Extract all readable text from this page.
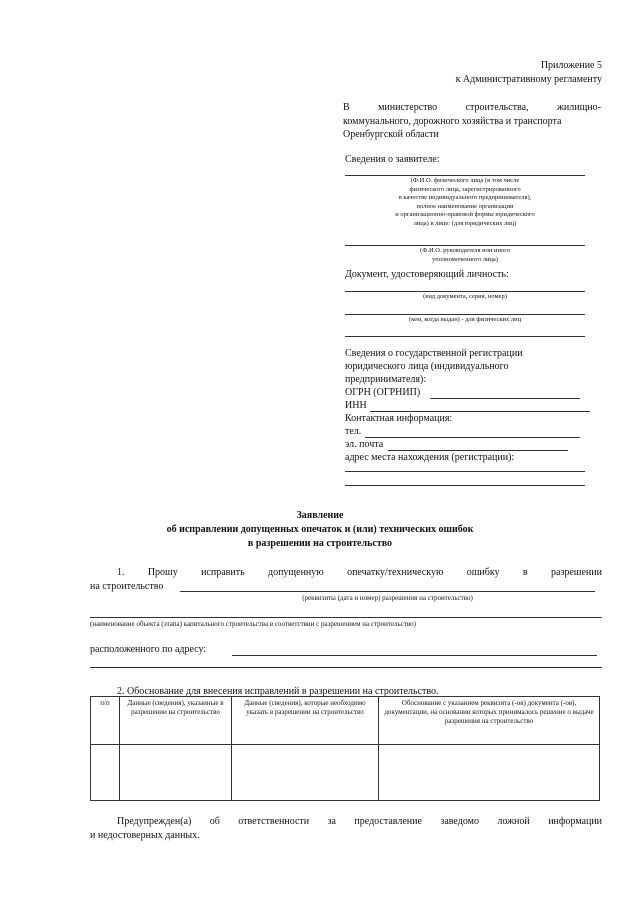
Приложение 5
к Административному регламенту
В министерство строительства, жилищно-
коммунального, дорожного хозяйства и транспорта
Оренбургской области
Сведения о заявителе:
(Ф.И.О. физического лица (в том числе
физического лица, зарегистрированного
в качестве индивидуального предпринимателя),
полное наименование организации
и организационно-правовой формы юридического
лица) в лице: (для юридических лиц)
(Ф.И.О. руководителя или иного
уполномоченного лица)
Документ, удостоверяющий личность:
(вид документа, серия, номер)
(кем, когда выдан) - для физических лиц
Сведения о государственной регистрации
юридического лица (индивидуального
предпринимателя):
ОГРН (ОГРНИП)
ИНН
Контактная информация:
тел.
эл. почта
адрес места нахождения (регистрации):
Заявление
об исправлении допущенных опечаток и (или) технических ошибок
в разрешении на строительство
1. Прошу исправить допущенную опечатку/техническую ошибку в разрешении
на строительство
(реквизиты (дата и номер) разрешения на строительство)
(наименование объекта (этапа) капитального строительства в соответствии с разрешением на строительство)
расположенного по адресу:
2. Обоснование для внесения исправлений в разрешении на строительство.
п/п	Данные (сведения), указанные в разрешении на строительство	Данные (сведения), которые необходимо указать в разрешении на строительство	Обоснование с указанием реквизита (-ов) документа (-ов), документации, на основании которых принималось решение о выдаче разрешения на строительство

Предупрежден(а) об ответственности за предоставление заведомо ложной информации
и недостоверных данных.
